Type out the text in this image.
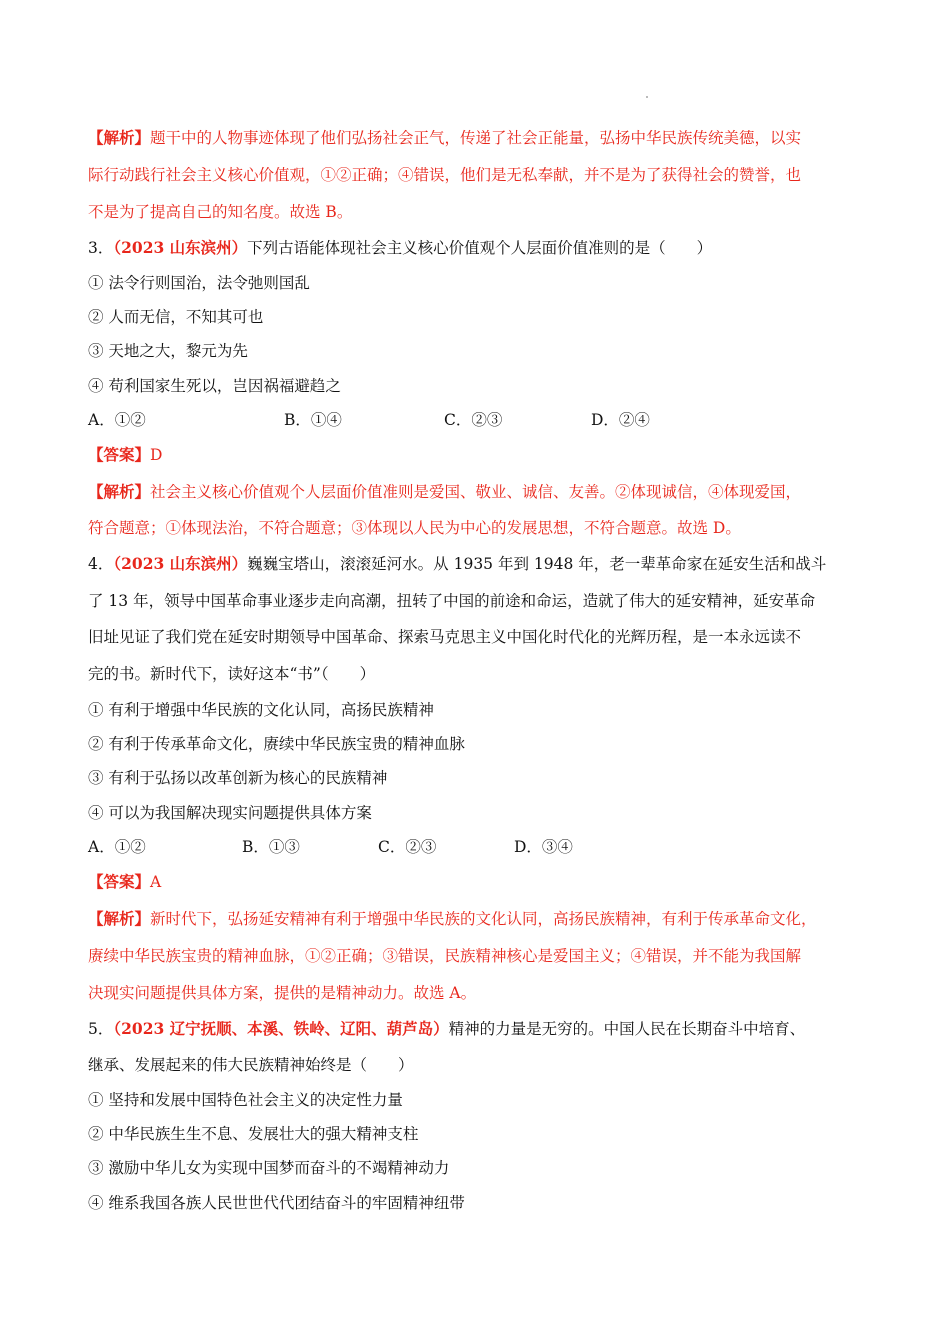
【解析】题干中的人物事迹体现了他们弘扬社会正气，传递了社会正能量，弘扬中华民族传统美德，以实
际行动践行社会主义核心价值观，①②正确；④错误，他们是无私奉献，并不是为了获得社会的赞誉，也
不是为了提高自己的知名度。故选 B。
3．（2023 山东滨州）下列古语能体现社会主义核心价值观个人层面价值准则的是（　　）
① 法令行则国治，法令弛则国乱
② 人而无信，不知其可也
③ 天地之大，黎元为先
④ 苟利国家生死以，岂因祸福避趋之
A．①②	B．①④	C．②③	D．②④
【答案】D
【解析】社会主义核心价值观个人层面价值准则是爱国、敬业、诚信、友善。②体现诚信，④体现爱国，
符合题意；①体现法治，不符合题意；③体现以人民为中心的发展思想，不符合题意。故选 D。
4．（2023 山东滨州）巍巍宝塔山，滚滚延河水。从 1935 年到 1948 年，老一辈革命家在延安生活和战斗
了 13 年，领导中国革命事业逐步走向高潮，扭转了中国的前途和命运，造就了伟大的延安精神，延安革命
旧址见证了我们党在延安时期领导中国革命、探索马克思主义中国化时代化的光辉历程，是一本永远读不
完的书。新时代下，读好这本“书”（　　）
① 有利于增强中华民族的文化认同，高扬民族精神
② 有利于传承革命文化，赓续中华民族宝贵的精神血脉
③ 有利于弘扬以改革创新为核心的民族精神
④ 可以为我国解决现实问题提供具体方案
A．①②	B．①③	C．②③	D．③④
【答案】A
【解析】新时代下，弘扬延安精神有利于增强中华民族的文化认同，高扬民族精神，有利于传承革命文化，
赓续中华民族宝贵的精神血脉，①②正确；③错误，民族精神核心是爱国主义；④错误，并不能为我国解
决现实问题提供具体方案，提供的是精神动力。故选 A。
5．（2023 辽宁抚顺、本溪、铁岭、辽阳、葫芦岛）精神的力量是无穷的。中国人民在长期奋斗中培育、
继承、发展起来的伟大民族精神始终是（　　）
① 坚持和发展中国特色社会主义的决定性力量
② 中华民族生生不息、发展壮大的强大精神支柱
③ 激励中华儿女为实现中国梦而奋斗的不竭精神动力
④ 维系我国各族人民世世代代团结奋斗的牢固精神纽带
